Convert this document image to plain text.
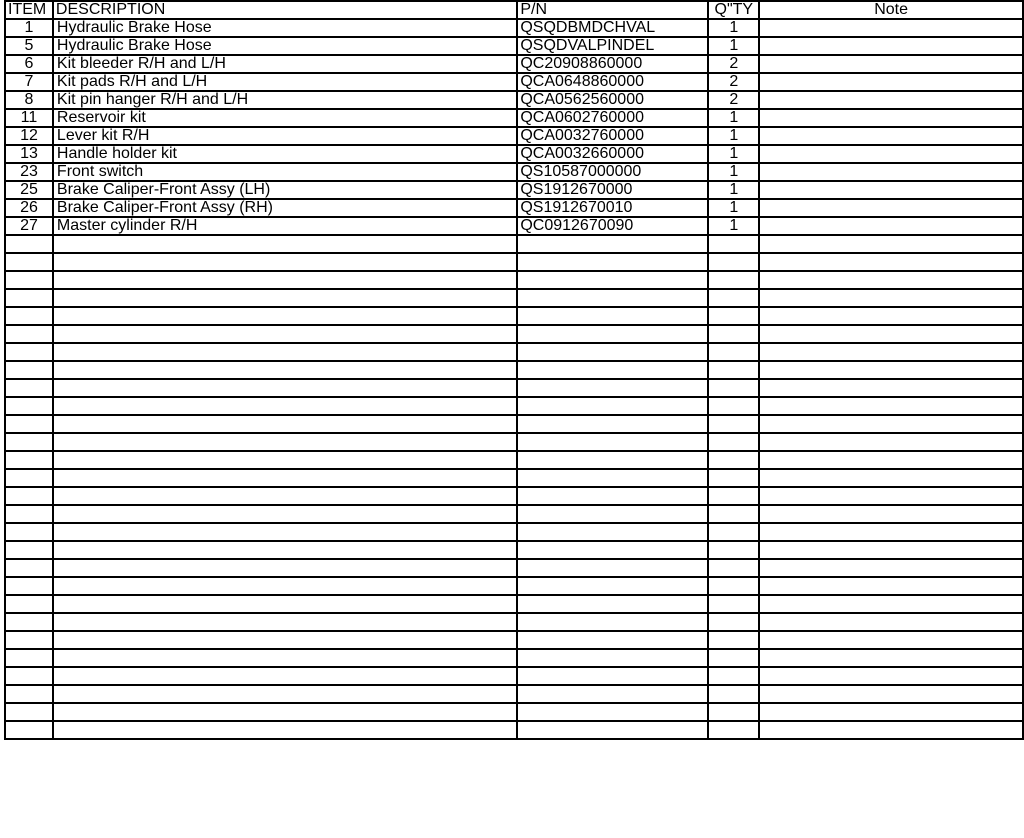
ITEM	DESCRIPTION	P/N	Q"TY	Note
1	Hydraulic Brake Hose	QSQDBMDCHVAL	1	
5	Hydraulic Brake Hose	QSQDVALPINDEL	1	
6	Kit bleeder R/H and L/H	QC20908860000	2	
7	Kit pads R/H and L/H	QCA0648860000	2	
8	Kit pin hanger R/H and L/H	QCA0562560000	2	
11	Reservoir kit	QCA0602760000	1	
12	Lever kit R/H	QCA0032760000	1	
13	Handle holder kit	QCA0032660000	1	
23	Front switch	QS10587000000	1	
25	Brake Caliper-Front Assy (LH)	QS1912670000	1	
26	Brake Caliper-Front Assy (RH)	QS1912670010	1	
27	Master cylinder R/H	QC0912670090	1	
